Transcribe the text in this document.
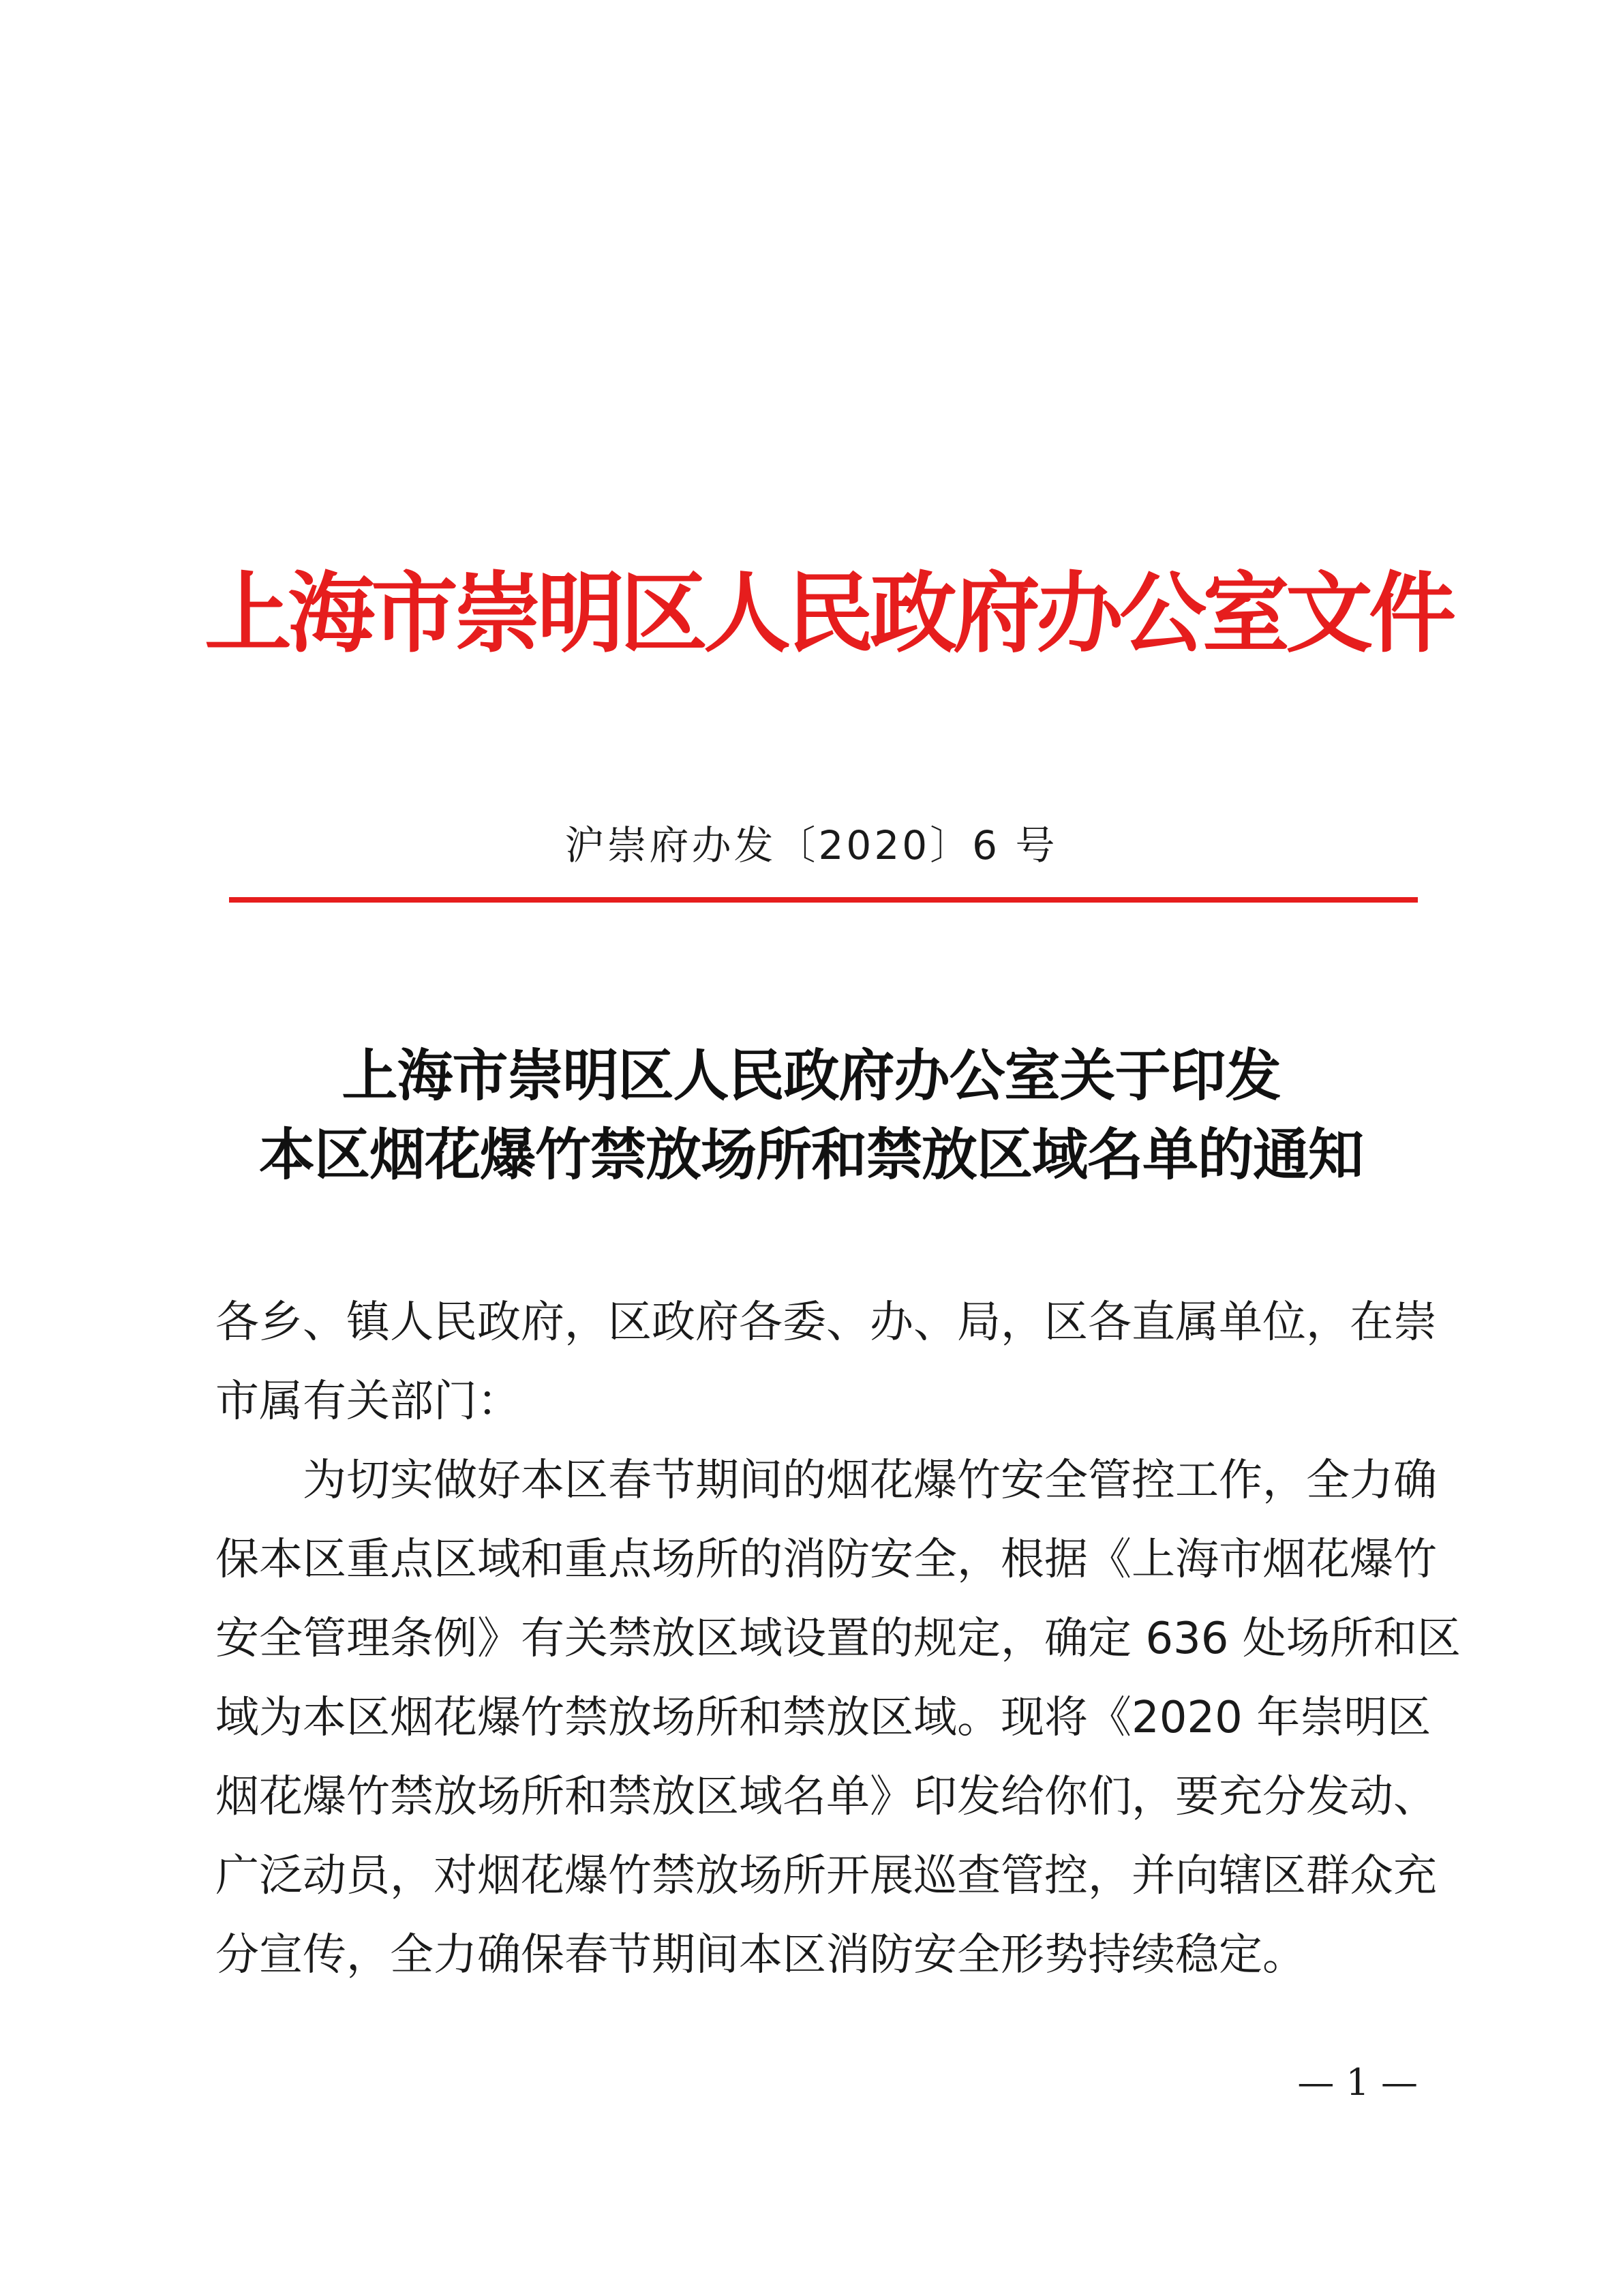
上海市崇明区人民政府办公室文件
沪崇府办发〔2020〕6 号
上海市崇明区人民政府办公室关于印发
本区烟花爆竹禁放场所和禁放区域名单的通知
各乡、镇人民政府，区政府各委、办、局，区各直属单位，在崇
市属有关部门：
为切实做好本区春节期间的烟花爆竹安全管控工作，全力确
保本区重点区域和重点场所的消防安全，根据《上海市烟花爆竹
安全管理条例》有关禁放区域设置的规定，确定 636 处场所和区
域为本区烟花爆竹禁放场所和禁放区域。现将《2020 年崇明区
烟花爆竹禁放场所和禁放区域名单》印发给你们，要充分发动、
广泛动员，对烟花爆竹禁放场所开展巡查管控，并向辖区群众充
分宣传，全力确保春节期间本区消防安全形势持续稳定。
— 1 —
